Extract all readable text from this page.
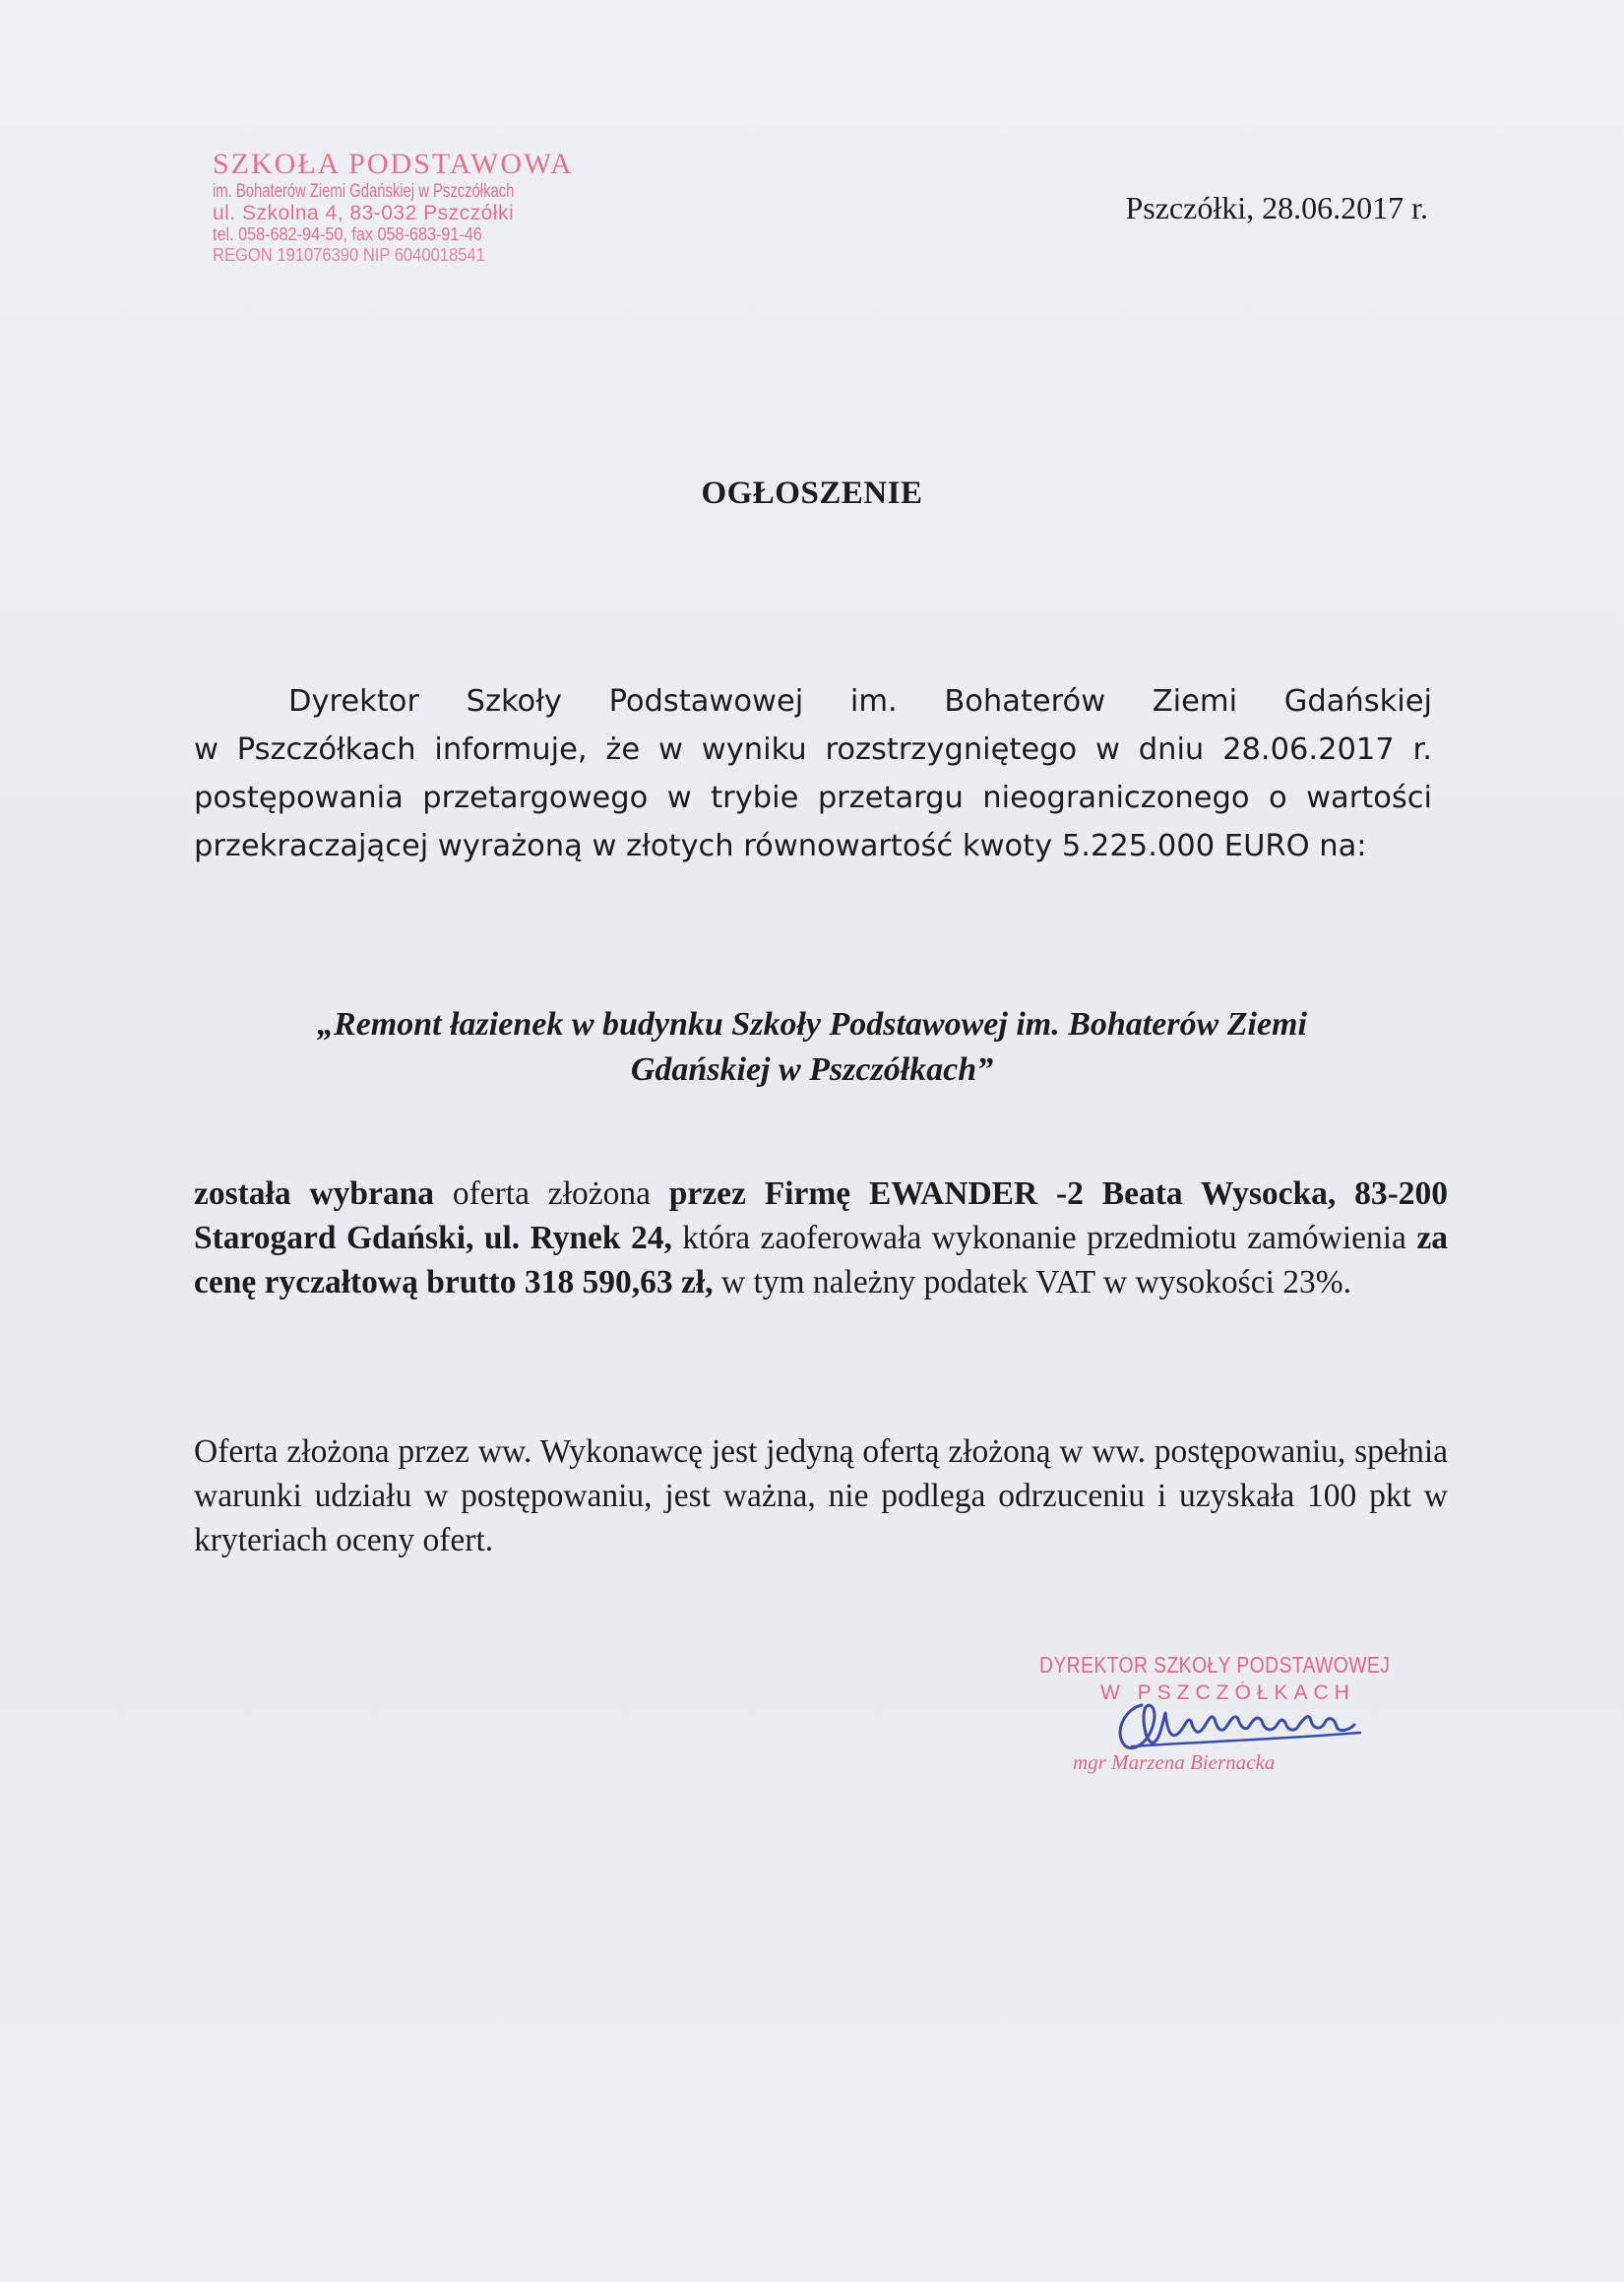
SZKOŁA PODSTAWOWA
im. Bohaterów Ziemi Gdańskiej w Pszczółkach
ul. Szkolna 4, 83-032 Pszczółki
tel. 058-682-94-50, fax 058-683-91-46
REGON 191076390 NIP 6040018541
Pszczółki, 28.06.2017 r.
OGŁOSZENIE
Dyrektor Szkoły Podstawowej im. Bohaterów Ziemi Gdańskiej
w Pszczółkach informuje, że w wyniku rozstrzygniętego w dniu 28.06.2017 r. postępowania przetargowego w trybie przetargu nieograniczonego o wartości przekraczającej wyrażoną w złotych równowartość kwoty 5.225.000 EURO na:
„Remont łazienek w budynku Szkoły Podstawowej im. Bohaterów Ziemi
Gdańskiej w Pszczółkach”
została wybrana oferta złożona przez Firmę EWANDER -2 Beata Wysocka, 83-200 Starogard Gdański, ul. Rynek 24, która zaoferowała wykonanie przedmiotu zamówienia za cenę ryczałtową brutto 318 590,63 zł, w tym należny podatek VAT w wysokości 23%.
Oferta złożona przez ww. Wykonawcę jest jedyną ofertą złożoną w ww. postępowaniu, spełnia warunki udziału w postępowaniu, jest ważna, nie podlega odrzuceniu i uzyskała 100 pkt w kryteriach oceny ofert.
DYREKTOR SZKOŁY PODSTAWOWEJ
W PSZCZÓŁKACH
mgr Marzena Biernacka
